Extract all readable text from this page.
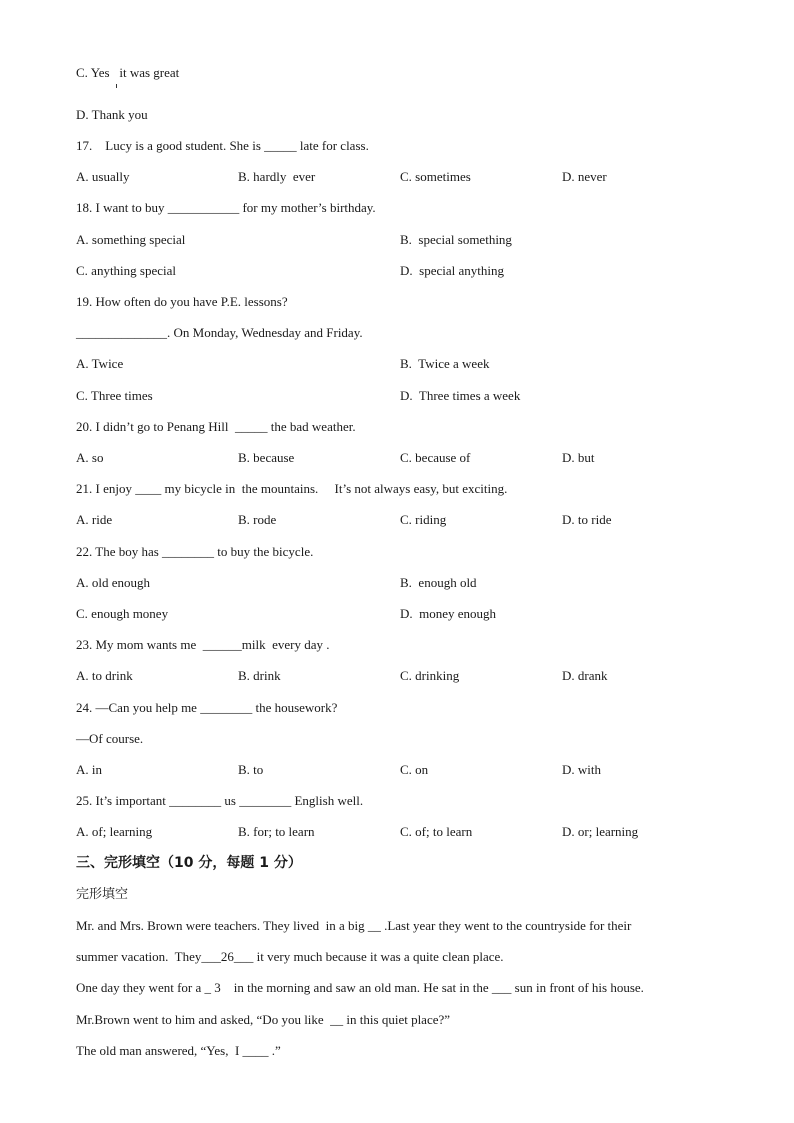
C. Yes   it was great
D. Thank you
17.    Lucy is a good student. She is _____ late for class.
A. usually	B. hardly  ever	C. sometimes	D. never
18. I want to buy ___________ for my mother’s birthday.
A. something special	B.  special something
C. anything special	D.  special anything
19. How often do you have P.E. lessons?
______________. On Monday, Wednesday and Friday.
A. Twice	B.  Twice a week
C. Three times	D.  Three times a week
20. I didn’t go to Penang Hill  _____ the bad weather.
A. so	B. because	C. because of	D. but
21. I enjoy ____ my bicycle in  the mountains.     It’s not always easy, but exciting.
A. ride	B. rode	C. riding	D. to ride
22. The boy has ________ to buy the bicycle.
A. old enough	B.  enough old
C. enough money	D.  money enough
23. My mom wants me  ______milk  every day .
A. to drink	B. drink	C. drinking	D. drank
24. —Can you help me ________ the housework?
—Of course.
A. in	B. to	C. on	D. with
25. It’s important ________ us ________ English well.
A. of; learning	B. for; to learn	C. of; to learn	D. or; learning
三、完形填空（10 分，每题 1 分）
完形填空
Mr. and Mrs. Brown were teachers. They lived  in a big __ .Last year they went to the countryside for their
summer vacation.  They___26___ it very much because it was a quite clean place.
One day they went for a _ 3    in the morning and saw an old man. He sat in the ___ sun in front of his house.
Mr.Brown went to him and asked, “Do you like  __ in this quiet place?”
The old man answered, “Yes,  I ____ .”
